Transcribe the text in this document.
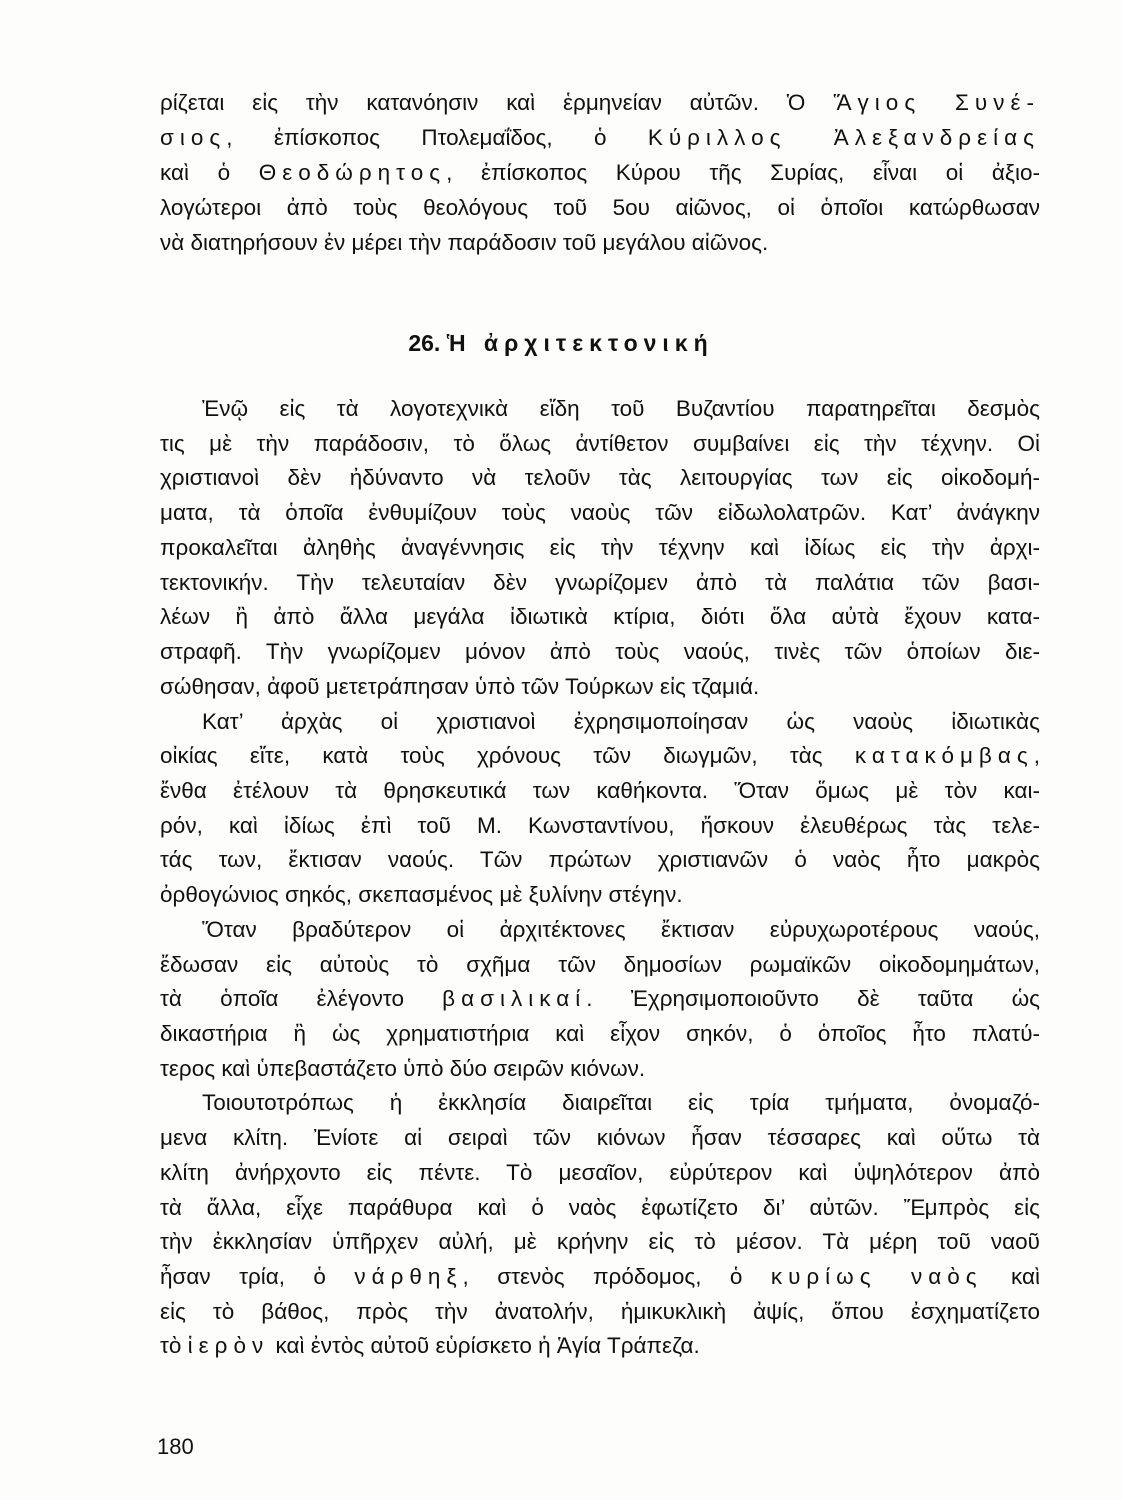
ρίζεται εἰς τὴν κατανόησιν καὶ ἑρμηνείαν αὐτῶν. Ὁ Ἅγιος Συνέ-
σιος, ἐπίσκοπος Πτολεμαΐδος, ὁ Κύριλλος Ἀλεξανδρείας
καὶ ὁ Θεοδώρητος, ἐπίσκοπος Κύρου τῆς Συρίας, εἶναι οἱ ἀξιο-
λογώτεροι ἀπὸ τοὺς θεολόγους τοῦ 5ου αἰῶνος, οἱ ὁποῖοι κατώρθωσαν
νὰ διατηρήσουν ἐν μέρει τὴν παράδοσιν τοῦ μεγάλου αἰῶνος.
26. Ἡ ἀρχιτεκτονική
Ἐνῷ εἰς τὰ λογοτεχνικὰ εἴδη τοῦ Βυζαντίου παρατηρεῖται δεσμὸς
τις μὲ τὴν παράδοσιν, τὸ ὅλως ἀντίθετον συμβαίνει εἰς τὴν τέχνην. Οἱ
χριστιανοὶ δὲν ἠδύναντο νὰ τελοῦν τὰς λειτουργίας των εἰς οἰκοδομή-
ματα, τὰ ὁποῖα ἐνθυμίζουν τοὺς ναοὺς τῶν εἰδωλολατρῶν. Κατ’ ἀνάγκην
προκαλεῖται ἀληθὴς ἀναγέννησις εἰς τὴν τέχνην καὶ ἰδίως εἰς τὴν ἀρχι-
τεκτονικήν. Τὴν τελευταίαν δὲν γνωρίζομεν ἀπὸ τὰ παλάτια τῶν βασι-
λέων ἢ ἀπὸ ἄλλα μεγάλα ἰδιωτικὰ κτίρια, διότι ὅλα αὐτὰ ἔχουν κατα-
στραφῆ. Τὴν γνωρίζομεν μόνον ἀπὸ τοὺς ναούς, τινὲς τῶν ὁποίων διε-
σώθησαν, ἀφοῦ μετετράπησαν ὑπὸ τῶν Τούρκων εἰς τζαμιά.
Κατ’ ἀρχὰς οἱ χριστιανοὶ ἐχρησιμοποίησαν ὡς ναοὺς ἰδιωτικὰς
οἰκίας εἴτε, κατὰ τοὺς χρόνους τῶν διωγμῶν, τὰς κατακόμβας,
ἔνθα ἐτέλουν τὰ θρησκευτικά των καθήκοντα. Ὅταν ὅμως μὲ τὸν και-
ρόν, καὶ ἰδίως ἐπὶ τοῦ Μ. Κωνσταντίνου, ἤσκουν ἐλευθέρως τὰς τελε-
τάς των, ἔκτισαν ναούς. Τῶν πρώτων χριστιανῶν ὁ ναὸς ἦτο μακρὸς
ὀρθογώνιος σηκός, σκεπασμένος μὲ ξυλίνην στέγην.
Ὅταν βραδύτερον οἱ ἀρχιτέκτονες ἔκτισαν εὐρυχωροτέρους ναούς,
ἔδωσαν εἰς αὐτοὺς τὸ σχῆμα τῶν δημοσίων ρωμαϊκῶν οἰκοδομημάτων,
τὰ ὁποῖα ἐλέγοντο βασιλικαί. Ἐχρησιμοποιοῦντο δὲ ταῦτα ὡς
δικαστήρια ἢ ὡς χρηματιστήρια καὶ εἶχον σηκόν, ὁ ὁποῖος ἦτο πλατύ-
τερος καὶ ὑπεβαστάζετο ὑπὸ δύο σειρῶν κιόνων.
Τοιουτοτρόπως ἡ ἐκκλησία διαιρεῖται εἰς τρία τμήματα, ὀνομαζό-
μενα κλίτη. Ἐνίοτε αἱ σειραὶ τῶν κιόνων ἦσαν τέσσαρες καὶ οὕτω τὰ
κλίτη ἀνήρχοντο εἰς πέντε. Τὸ μεσαῖον, εὐρύτερον καὶ ὑψηλότερον ἀπὸ
τὰ ἄλλα, εἶχε παράθυρα καὶ ὁ ναὸς ἐφωτίζετο δι’ αὐτῶν. Ἔμπρὸς εἰς
τὴν ἐκκλησίαν ὑπῆρχεν αὐλή, μὲ κρήνην εἰς τὸ μέσον. Τὰ μέρη τοῦ ναοῦ
ἦσαν τρία, ὁ νάρθηξ, στενὸς πρόδομος, ὁ κυρίως ναὸς καὶ
εἰς τὸ βάθος, πρὸς τὴν ἀνατολήν, ἡμικυκλικὴ ἀψίς, ὅπου ἐσχηματίζετο
τὸ ἱερὸν καὶ ἐντὸς αὐτοῦ εὑρίσκετο ἡ Ἁγία Τράπεζα.
180
